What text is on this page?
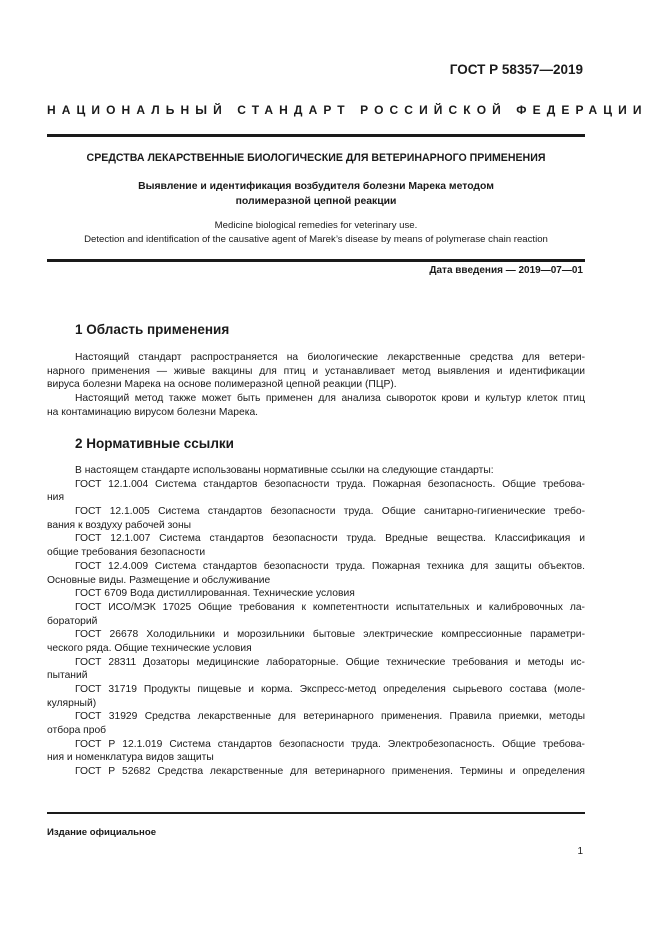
ГОСТ Р 58357—2019
НАЦИОНАЛЬНЫЙ СТАНДАРТ РОССИЙСКОЙ ФЕДЕРАЦИИ
СРЕДСТВА ЛЕКАРСТВЕННЫЕ БИОЛОГИЧЕСКИЕ ДЛЯ ВЕТЕРИНАРНОГО ПРИМЕНЕНИЯ
Выявление и идентификация возбудителя болезни Марека методом
полимеразной цепной реакции
Medicine biological remedies for veterinary use.
Detection and identification of the causative agent of Marek’s disease by means of polymerase chain reaction
Дата введения — 2019—07—01
1 Область применения
Настоящий стандарт распространяется на биологические лекарственные средства для ветери-
нарного применения — живые вакцины для птиц и устанавливает метод выявления и идентификации
вируса болезни Марека на основе полимеразной цепной реакции (ПЦР).
Настоящий метод также может быть применен для анализа сывороток крови и культур клеток птиц
на контаминацию вирусом болезни Марека.
2 Нормативные ссылки
В настоящем стандарте использованы нормативные ссылки на следующие стандарты:
ГОСТ 12.1.004 Система стандартов безопасности труда. Пожарная безопасность. Общие требова-
ния
ГОСТ 12.1.005 Система стандартов безопасности труда. Общие санитарно-гигиенические требо-
вания к воздуху рабочей зоны
ГОСТ 12.1.007 Система стандартов безопасности труда. Вредные вещества. Классификация и
общие требования безопасности
ГОСТ 12.4.009 Система стандартов безопасности труда. Пожарная техника для защиты объектов.
Основные виды. Размещение и обслуживание
ГОСТ 6709 Вода дистиллированная. Технические условия
ГОСТ ИСО/МЭК 17025 Общие требования к компетентности испытательных и калибровочных ла-
бораторий
ГОСТ 26678 Холодильники и морозильники бытовые электрические компрессионные параметри-
ческого ряда. Общие технические условия
ГОСТ 28311 Дозаторы медицинские лабораторные. Общие технические требования и методы ис-
пытаний
ГОСТ 31719 Продукты пищевые и корма. Экспресс-метод определения сырьевого состава (моле-
кулярный)
ГОСТ 31929 Средства лекарственные для ветеринарного применения. Правила приемки, методы
отбора проб
ГОСТ Р 12.1.019 Система стандартов безопасности труда. Электробезопасность. Общие требова-
ния и номенклатура видов защиты
ГОСТ Р 52682 Средства лекарственные для ветеринарного применения. Термины и определения
Издание официальное
1
